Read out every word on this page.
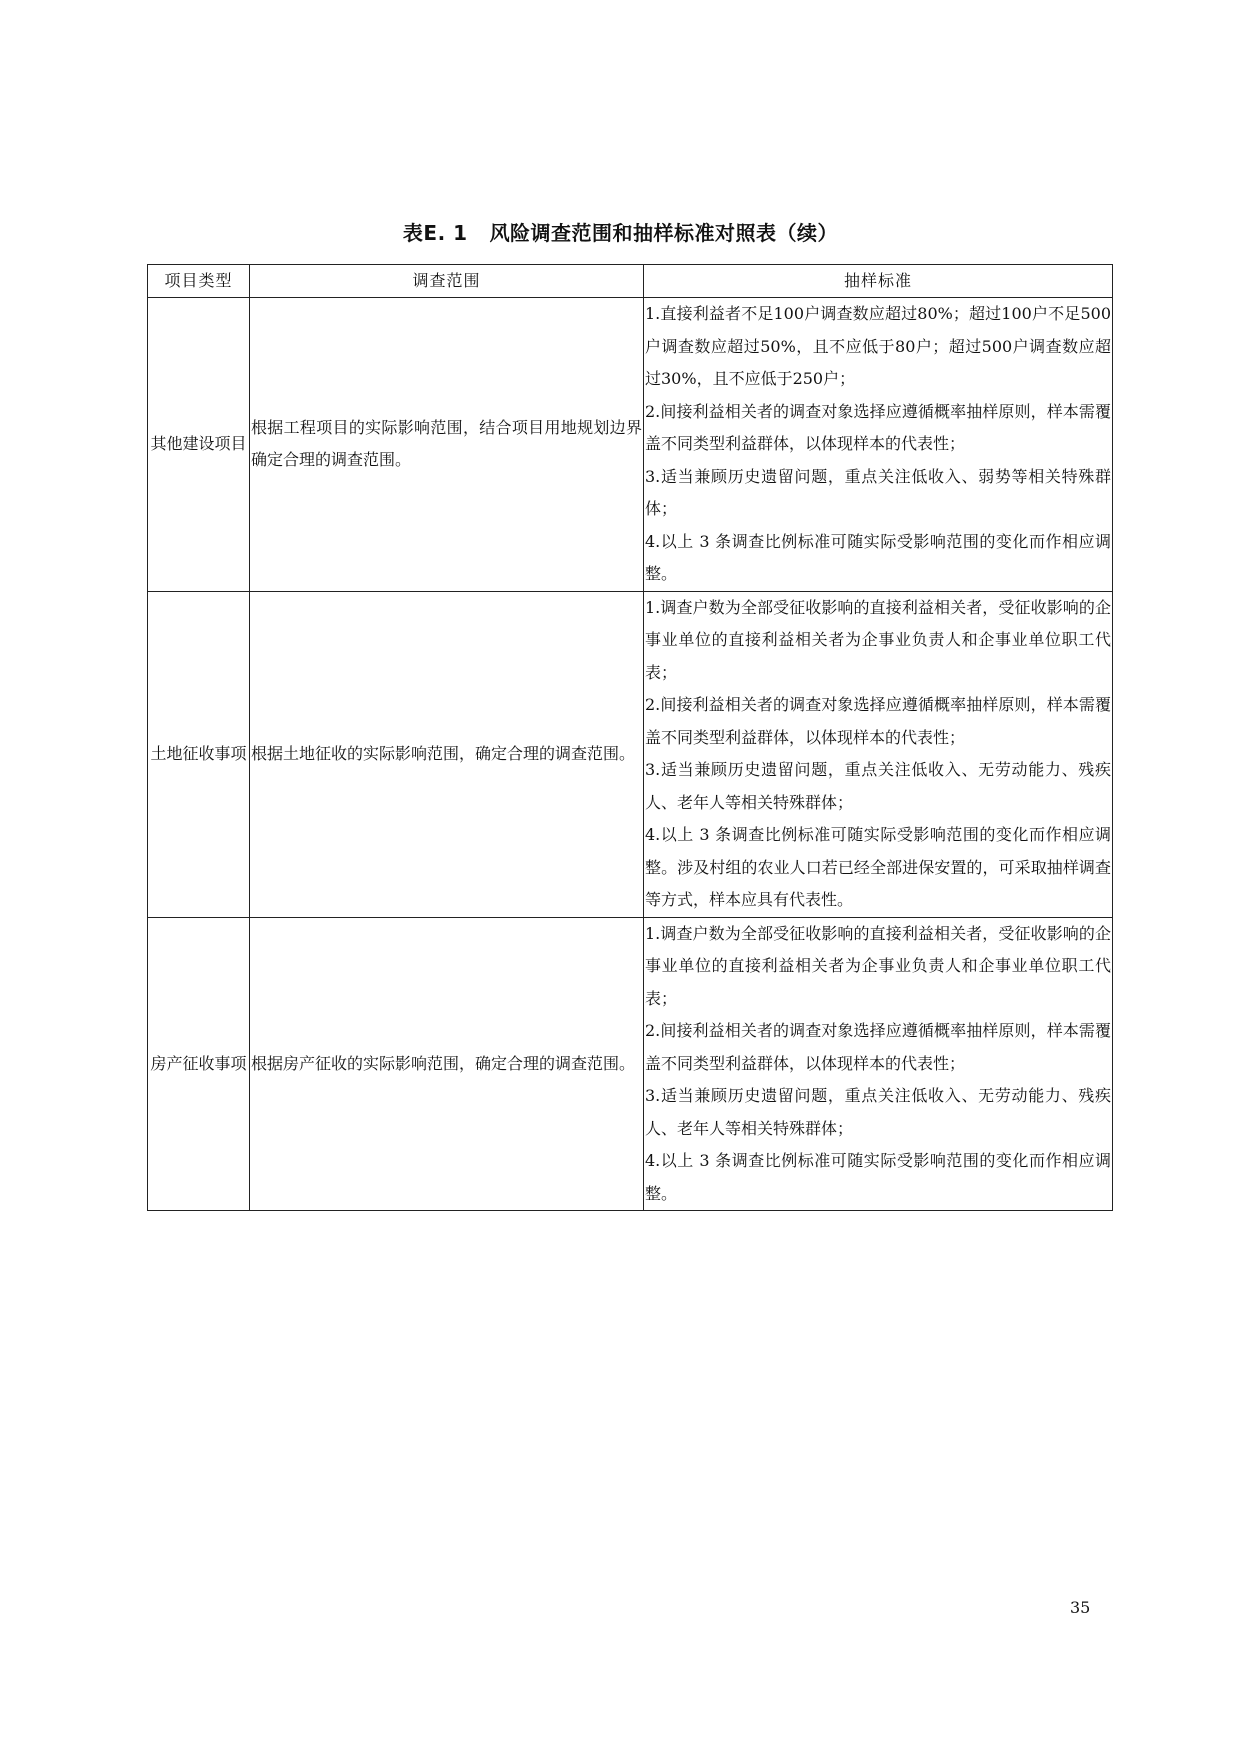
表E. 1 风险调查范围和抽样标准对照表（续）
项目类型	调查范围	抽样标准
其他建设项目	根据工程项目的实际影响范围，结合项目用地规划边界确定合理的调查范围。	1.直接利益者不足100户调查数应超过80%；超过100户不足500户调查数应超过50%，且不应低于80户；超过500户调查数应超过30%，且不应低于250户；
2.间接利益相关者的调查对象选择应遵循概率抽样原则，样本需覆盖不同类型利益群体，以体现样本的代表性；
3.适当兼顾历史遗留问题，重点关注低收入、弱势等相关特殊群体；
4.以上 3 条调查比例标准可随实际受影响范围的变化而作相应调整。

土地征收事项	根据土地征收的实际影响范围，确定合理的调查范围。	1.调查户数为全部受征收影响的直接利益相关者，受征收影响的企事业单位的直接利益相关者为企事业负责人和企事业单位职工代表；
2.间接利益相关者的调查对象选择应遵循概率抽样原则，样本需覆盖不同类型利益群体，以体现样本的代表性；
3.适当兼顾历史遗留问题，重点关注低收入、无劳动能力、残疾人、老年人等相关特殊群体；
4.以上 3 条调查比例标准可随实际受影响范围的变化而作相应调整。涉及村组的农业人口若已经全部进保安置的，可采取抽样调查等方式，样本应具有代表性。

房产征收事项	根据房产征收的实际影响范围，确定合理的调查范围。	1.调查户数为全部受征收影响的直接利益相关者，受征收影响的企事业单位的直接利益相关者为企事业负责人和企事业单位职工代表；
2.间接利益相关者的调查对象选择应遵循概率抽样原则，样本需覆盖不同类型利益群体，以体现样本的代表性；
3.适当兼顾历史遗留问题，重点关注低收入、无劳动能力、残疾人、老年人等相关特殊群体；
4.以上 3 条调查比例标准可随实际受影响范围的变化而作相应调整。
35
